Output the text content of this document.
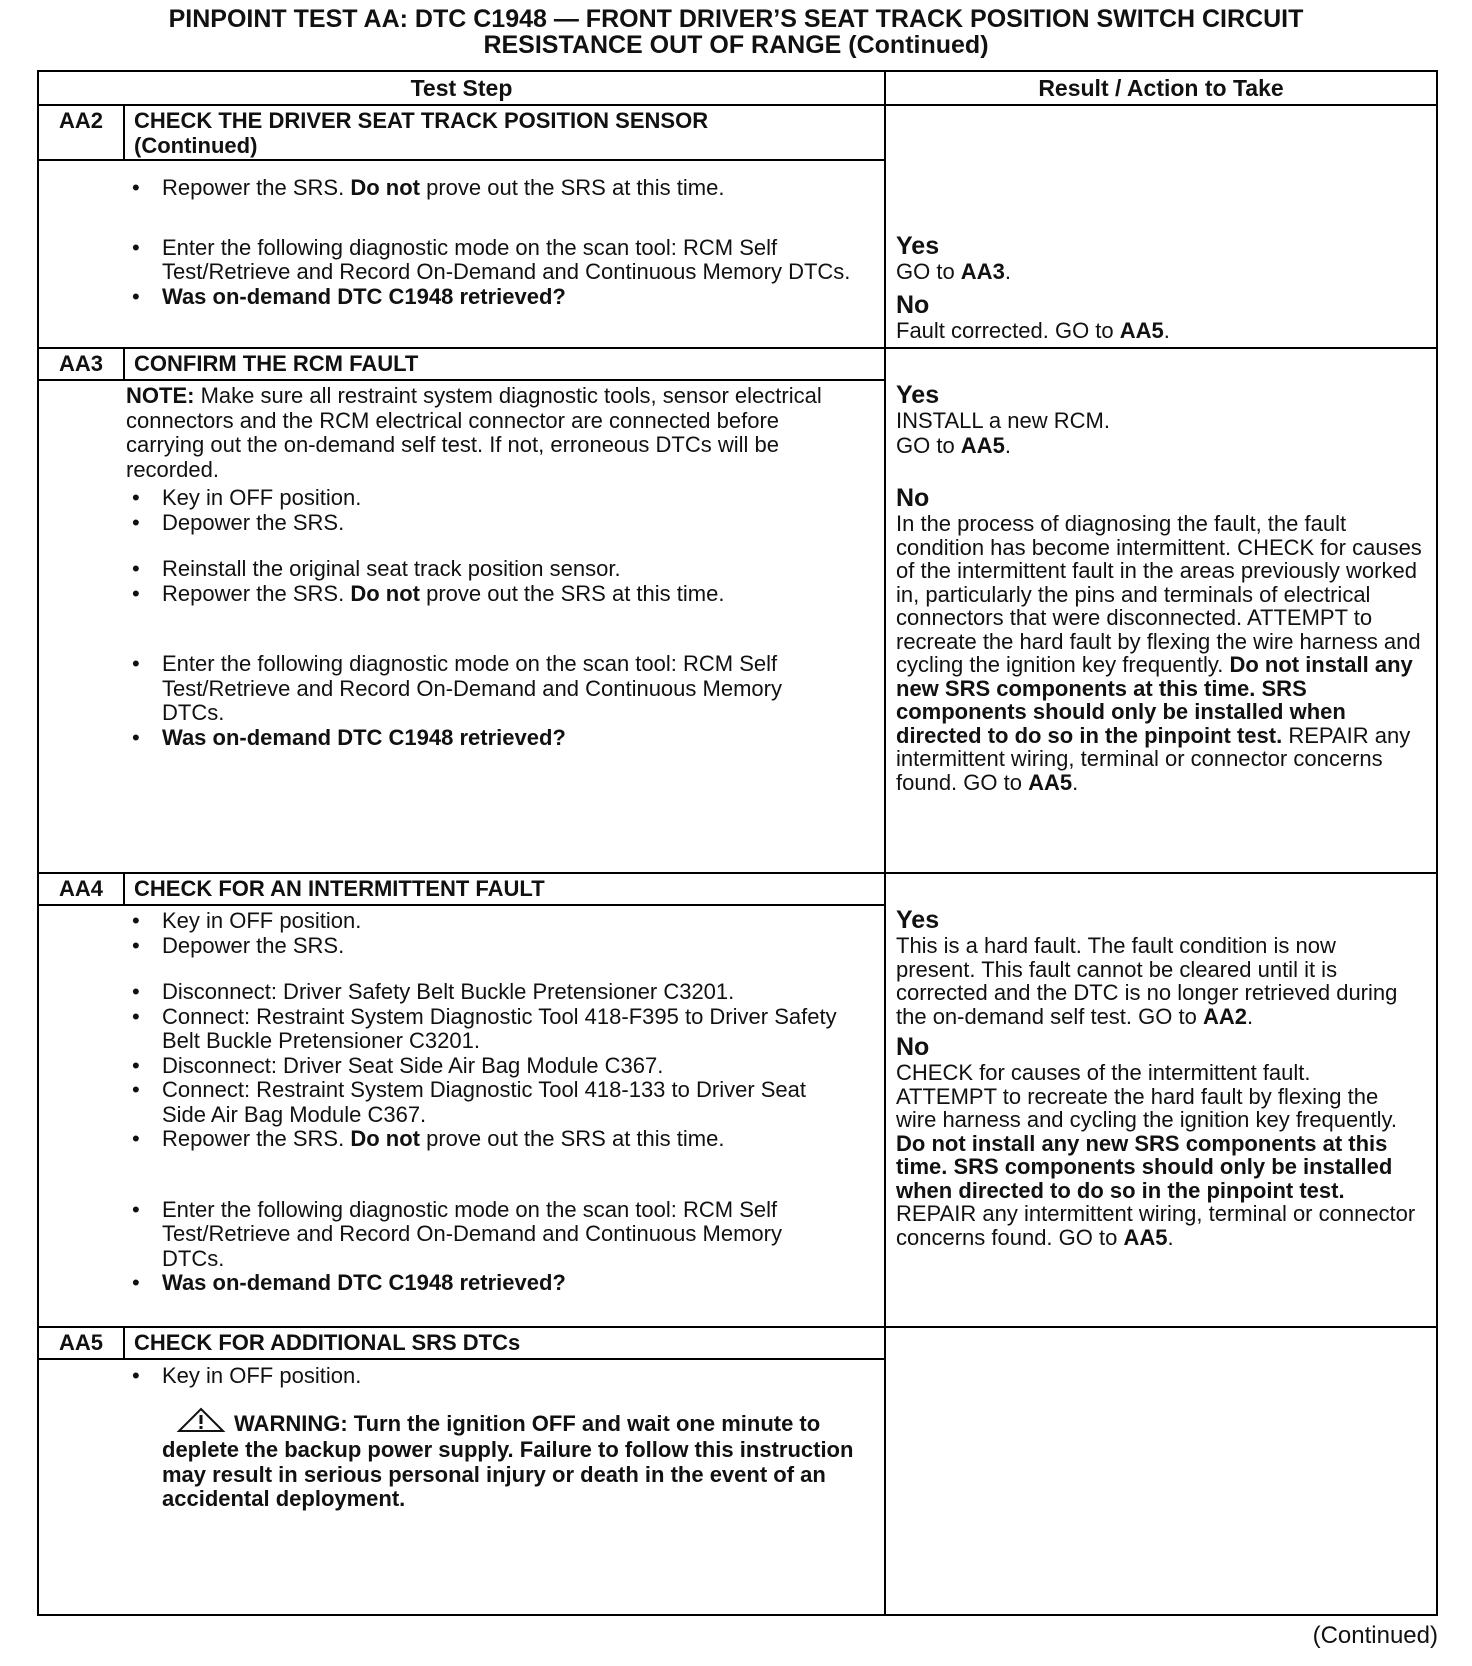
PINPOINT TEST AA: DTC C1948 — FRONT DRIVER’S SEAT TRACK POSITION SWITCH CIRCUIT
RESISTANCE OUT OF RANGE (Continued)
Test Step	Result / Action to Take
AA2	CHECK THE DRIVER SEAT TRACK POSITION SENSOR (Continued)
• Repower the SRS. Do not prove out the SRS at this time.
• Enter the following diagnostic mode on the scan tool: RCM Self Test/Retrieve and Record On-Demand and Continuous Memory DTCs.
• Was on-demand DTC C1948 retrieved?
Yes
GO to AA3.
No
Fault corrected. GO to AA5.
AA3	CONFIRM THE RCM FAULT

NOTE: Make sure all restraint system diagnostic tools, sensor electrical connectors and the RCM electrical connector are connected before carrying out the on-demand self test. If not, erroneous DTCs will be recorded.

• Key in OFF position.
• Depower the SRS.
• Reinstall the original seat track position sensor.
• Repower the SRS. Do not prove out the SRS at this time.
• Enter the following diagnostic mode on the scan tool: RCM Self Test/Retrieve and Record On-Demand and Continuous Memory DTCs.
• Was on-demand DTC C1948 retrieved?
Yes
INSTALL a new RCM.
GO to AA5.
No
In the process of diagnosing the fault, the fault condition has become intermittent. CHECK for causes of the intermittent fault in the areas previously worked in, particularly the pins and terminals of electrical connectors that were disconnected. ATTEMPT to recreate the hard fault by flexing the wire harness and cycling the ignition key frequently. Do not install any new SRS components at this time. SRS components should only be installed when directed to do so in the pinpoint test. REPAIR any intermittent wiring, terminal or connector concerns found. GO to AA5.
AA4	CHECK FOR AN INTERMITTENT FAULT
• Key in OFF position.
• Depower the SRS.
• Disconnect: Driver Safety Belt Buckle Pretensioner C3201.
• Connect: Restraint System Diagnostic Tool 418-F395 to Driver Safety Belt Buckle Pretensioner C3201.
• Disconnect: Driver Seat Side Air Bag Module C367.
• Connect: Restraint System Diagnostic Tool 418-133 to Driver Seat Side Air Bag Module C367.
• Repower the SRS. Do not prove out the SRS at this time.
• Enter the following diagnostic mode on the scan tool: RCM Self Test/Retrieve and Record On-Demand and Continuous Memory DTCs.
• Was on-demand DTC C1948 retrieved?
Yes
This is a hard fault. The fault condition is now present. This fault cannot be cleared until it is corrected and the DTC is no longer retrieved during the on-demand self test. GO to AA2.
No
CHECK for causes of the intermittent fault. ATTEMPT to recreate the hard fault by flexing the wire harness and cycling the ignition key frequently. Do not install any new SRS components at this time. SRS components should only be installed when directed to do so in the pinpoint test. REPAIR any intermittent wiring, terminal or connector concerns found. GO to AA5.
AA5	CHECK FOR ADDITIONAL SRS DTCs
• Key in OFF position.
WARNING: Turn the ignition OFF and wait one minute to deplete the backup power supply. Failure to follow this instruction may result in serious personal injury or death in the event of an accidental deployment.
(Continued)
